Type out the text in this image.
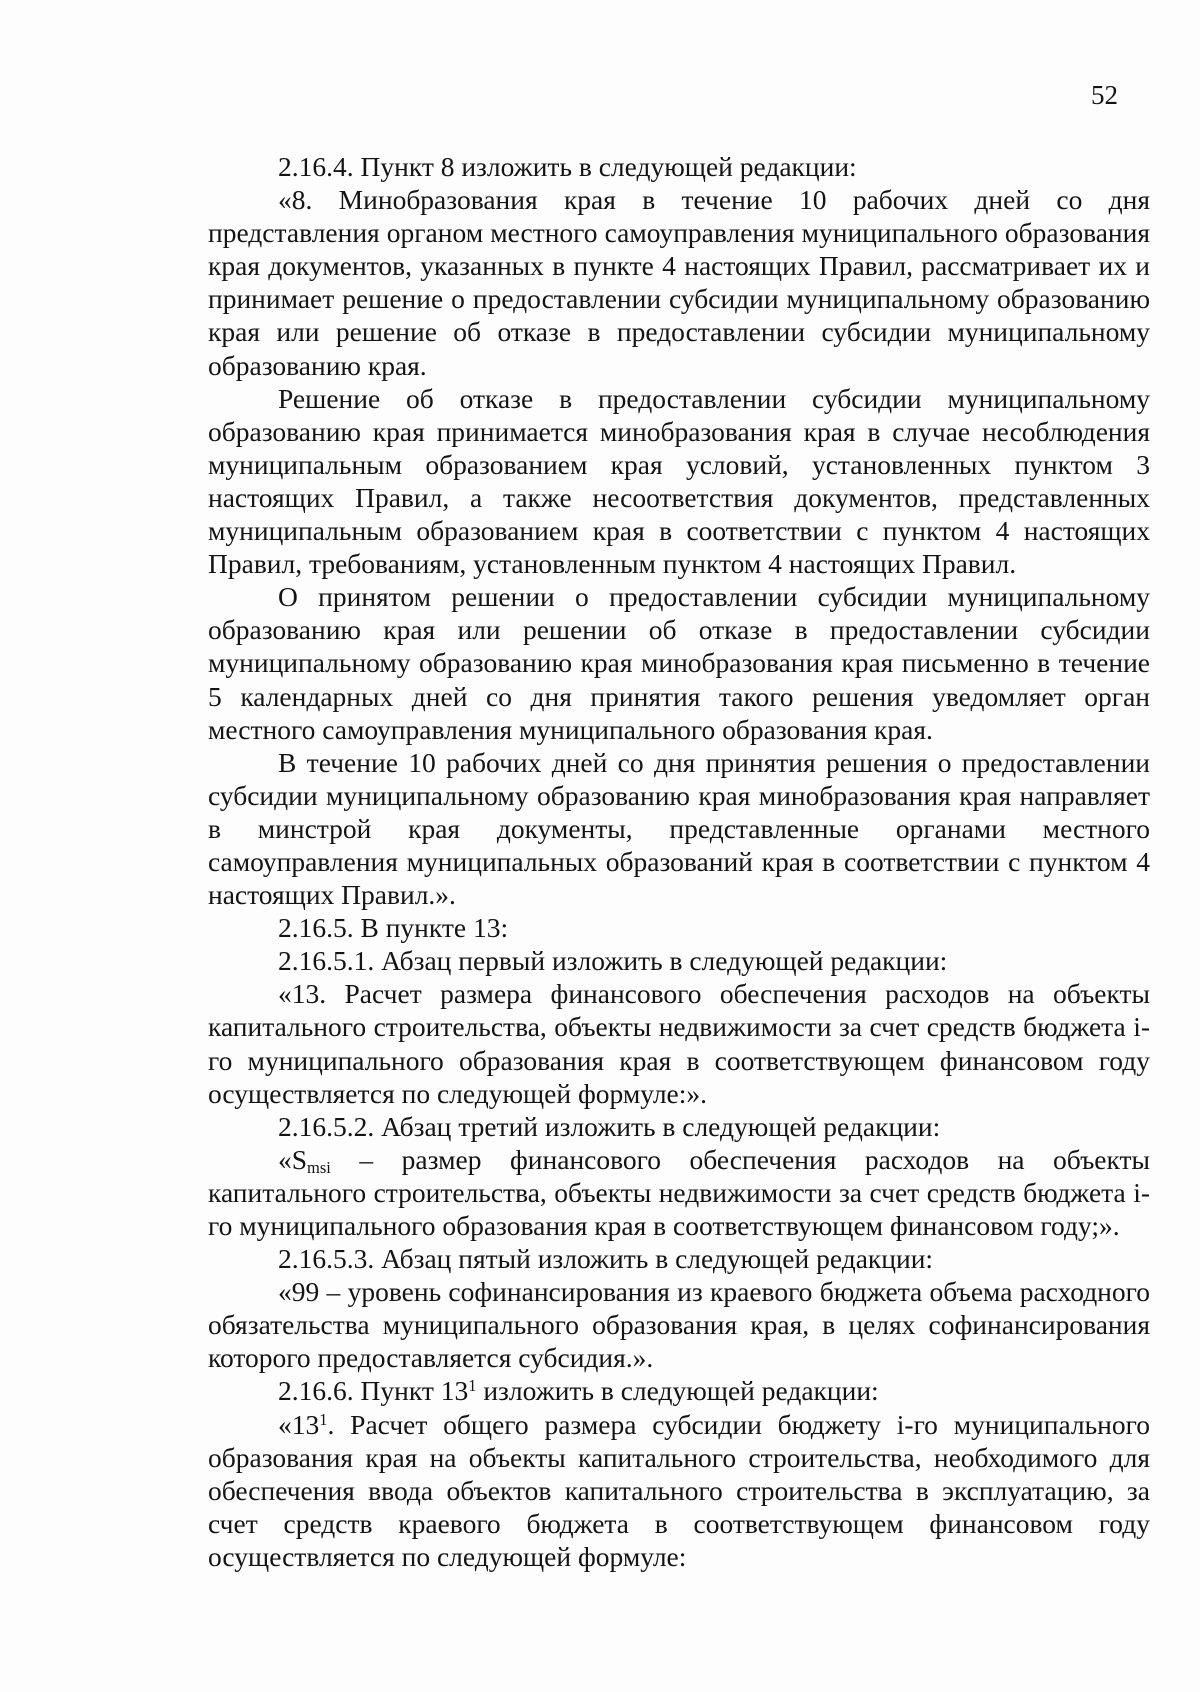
52

2.16.4. Пункт 8 изложить в следующей редакции:

«8. Минобразования края в течение 10 рабочих дней со дня представления органом местного самоуправления муниципального образования края документов, указанных в пункте 4 настоящих Правил, рассматривает их и принимает решение о предоставлении субсидии муниципальному образованию края или решение об отказе в предоставлении субсидии муниципальному образованию края.

Решение об отказе в предоставлении субсидии муниципальному образованию края принимается минобразования края в случае несоблюдения муниципальным образованием края условий, установленных пунктом 3 настоящих Правил, а также несоответствия документов, представленных муниципальным образованием края в соответствии с пунктом 4 настоящих Правил, требованиям, установленным пунктом 4 настоящих Правил.

О принятом решении о предоставлении субсидии муниципальному образованию края или решении об отказе в предоставлении субсидии муниципальному образованию края минобразования края письменно в течение 5 календарных дней со дня принятия такого решения уведомляет орган местного самоуправления муниципального образования края.

В течение 10 рабочих дней со дня принятия решения о предоставлении субсидии муниципальному образованию края минобразования края направляет в минстрой края документы, представленные органами местного самоуправления муниципальных образований края в соответствии с пунктом 4 настоящих Правил.».

2.16.5. В пункте 13:

2.16.5.1. Абзац первый изложить в следующей редакции:

«13. Расчет размера финансового обеспечения расходов на объекты капитального строительства, объекты недвижимости за счет средств бюджета i-го муниципального образования края в соответствующем финансовом году осуществляется по следующей формуле:».

2.16.5.2. Абзац третий изложить в следующей редакции:

«$S_{msi}$ – размер финансового обеспечения расходов на объекты капитального строительства, объекты недвижимости за счет средств бюджета i-го муниципального образования края в соответствующем финансовом году;».

2.16.5.3. Абзац пятый изложить в следующей редакции:

«99 – уровень софинансирования из краевого бюджета объема расходного обязательства муниципального образования края, в целях софинансирования которого предоставляется субсидия.».

2.16.6. Пункт $13^1$ изложить в следующей редакции:

«$13^1$. Расчет общего размера субсидии бюджету i-го муниципального образования края на объекты капитального строительства, необходимого для обеспечения ввода объектов капитального строительства в эксплуатацию, за счет средств краевого бюджета в соответствующем финансовом году осуществляется по следующей формуле:
